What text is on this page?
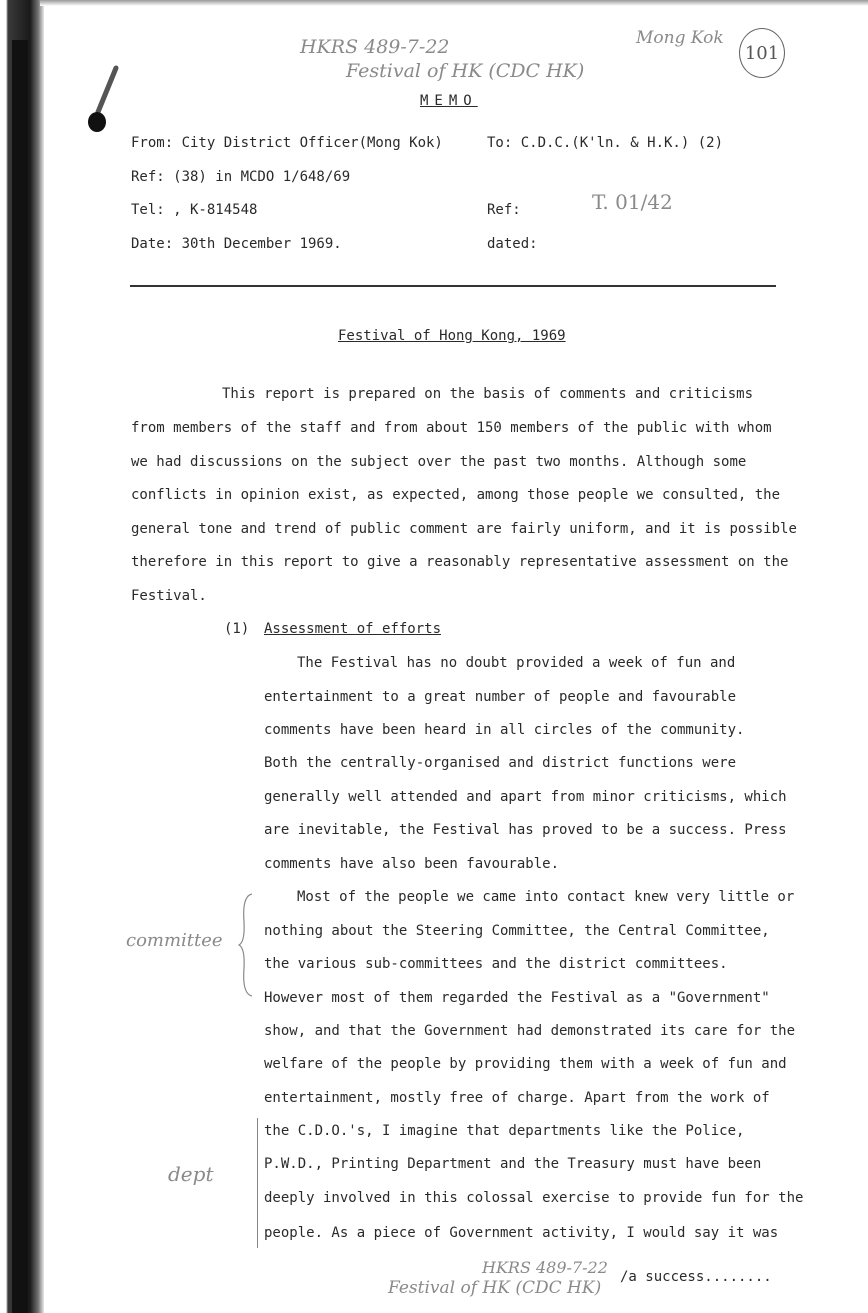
HKRS 489-7-22
Festival of HK (CDC HK)
Mong Kok
101
MEMO
From: City District Officer(Mong Kok)	To: C.D.C.(K'ln. & H.K.) (2)
Ref: (38) in MCDO 1/648/69
Tel: , K-814548	Ref:	T. 01/42
Date: 30th December 1969.	dated:
Festival of Hong Kong, 1969
This report is prepared on the basis of comments and criticisms
from members of the staff and from about 150 members of the public with whom
we had discussions on the subject over the past two months. Although some
conflicts in opinion exist, as expected, among those people we consulted, the
general tone and trend of public comment are fairly uniform, and it is possible
therefore in this report to give a reasonably representative assessment on the
Festival.
(1) Assessment of efforts
The Festival has no doubt provided a week of fun and
entertainment to a great number of people and favourable
comments have been heard in all circles of the community.
Both the centrally-organised and district functions were
generally well attended and apart from minor criticisms, which
are inevitable, the Festival has proved to be a success. Press
comments have also been favourable.
committee
Most of the people we came into contact knew very little or
nothing about the Steering Committee, the Central Committee,
the various sub-committees and the district committees.
However most of them regarded the Festival as a "Government"
show, and that the Government had demonstrated its care for the
welfare of the people by providing them with a week of fun and
entertainment, mostly free of charge. Apart from the work of
the C.D.O.'s, I imagine that departments like the Police,
P.W.D., Printing Department and the Treasury must have been
deeply involved in this colossal exercise to provide fun for the
people. As a piece of Government activity, I would say it was
dept
HKRS 489-7-22
Festival of HK (CDC HK)
/a success........
